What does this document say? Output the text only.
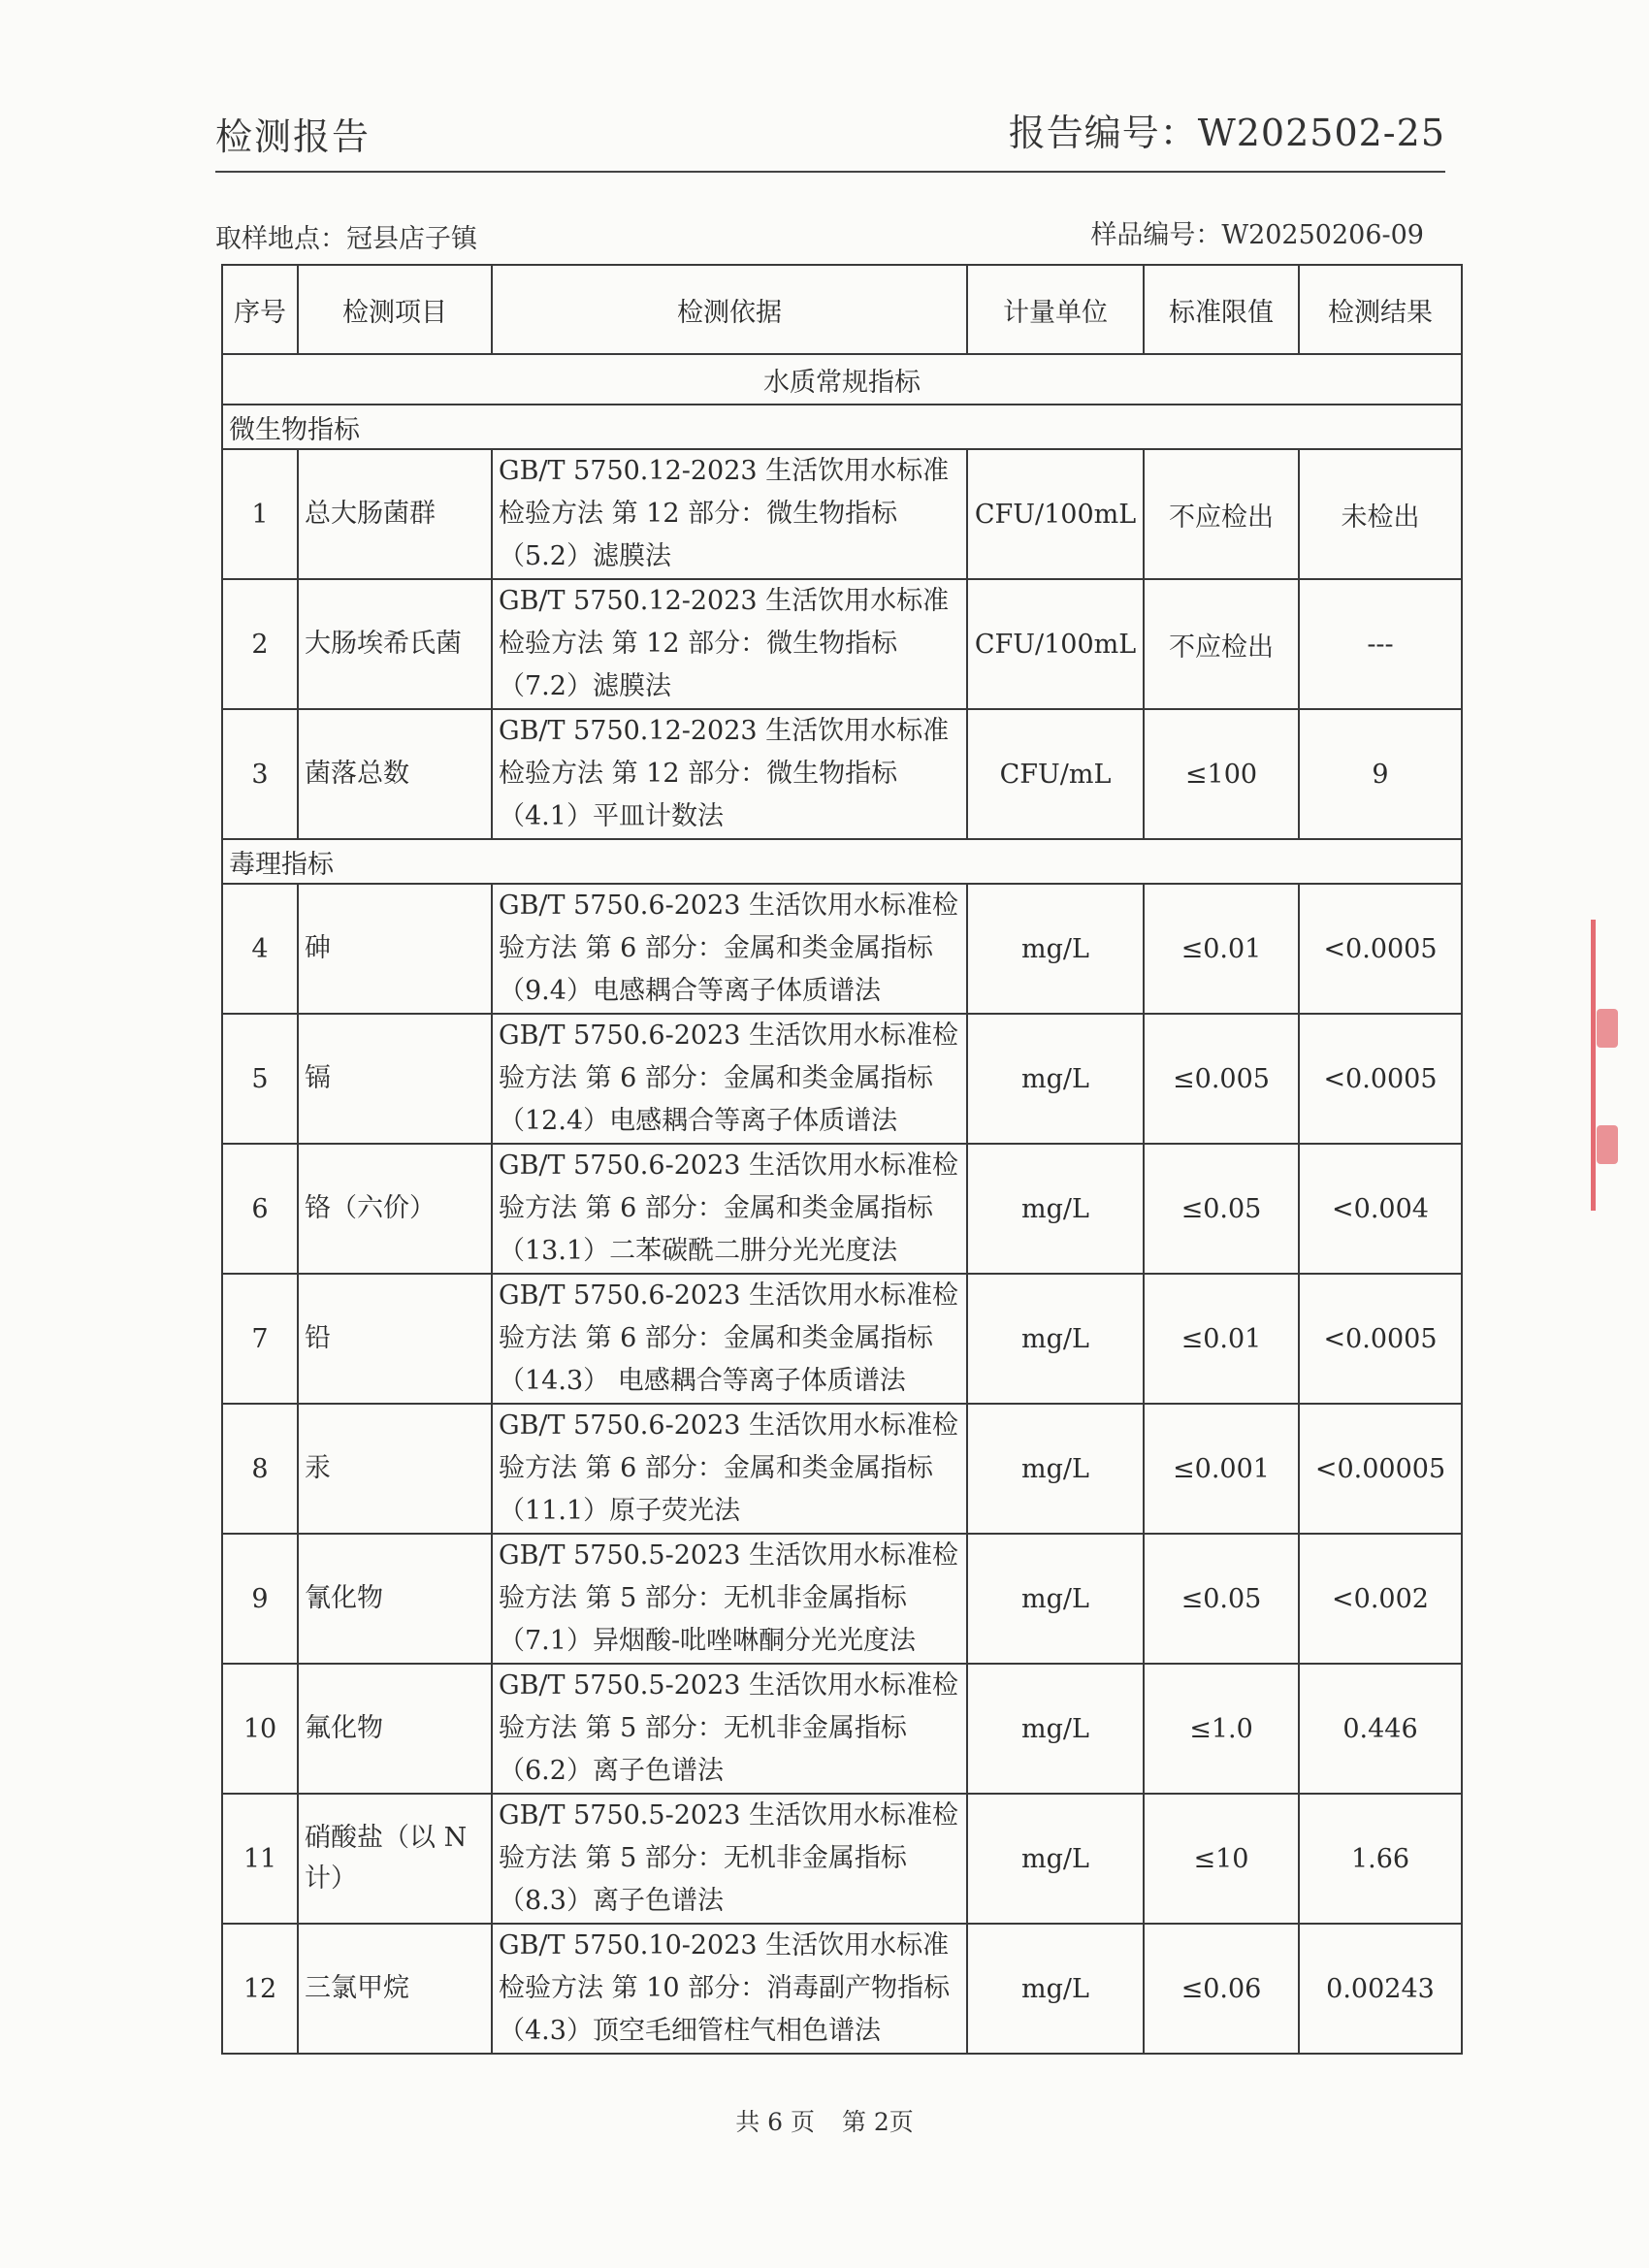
检测报告	报告编号：W202502-25
取样地点：冠县店子镇	样品编号：W20250206-09
序号	检测项目	检测依据	计量单位	标准限值	检测结果
水质常规指标					
微生物指标					
1	总大肠菌群	GB/T 5750.12-2023 生活饮用水标准检验方法 第 12 部分：微生物指标（5.2）滤膜法	CFU/100mL	不应检出	未检出
2	大肠埃希氏菌	GB/T 5750.12-2023 生活饮用水标准检验方法 第 12 部分：微生物指标（7.2）滤膜法	CFU/100mL	不应检出	---
3	菌落总数	GB/T 5750.12-2023 生活饮用水标准检验方法 第 12 部分：微生物指标（4.1）平皿计数法	CFU/mL	≤100	9
毒理指标					
4	砷	GB/T 5750.6-2023 生活饮用水标准检验方法 第 6 部分：金属和类金属指标（9.4）电感耦合等离子体质谱法	mg/L	≤0.01	<0.0005
5	镉	GB/T 5750.6-2023 生活饮用水标准检验方法 第 6 部分：金属和类金属指标（12.4）电感耦合等离子体质谱法	mg/L	≤0.005	<0.0005
6	铬（六价）	GB/T 5750.6-2023 生活饮用水标准检验方法 第 6 部分：金属和类金属指标（13.1）二苯碳酰二肼分光光度法	mg/L	≤0.05	<0.004
7	铅	GB/T 5750.6-2023 生活饮用水标准检验方法 第 6 部分：金属和类金属指标（14.3） 电感耦合等离子体质谱法	mg/L	≤0.01	<0.0005
8	汞	GB/T 5750.6-2023 生活饮用水标准检验方法 第 6 部分：金属和类金属指标（11.1）原子荧光法	mg/L	≤0.001	<0.00005
9	氰化物	GB/T 5750.5-2023 生活饮用水标准检验方法 第 5 部分：无机非金属指标（7.1）异烟酸-吡唑啉酮分光光度法	mg/L	≤0.05	<0.002
10	氟化物	GB/T 5750.5-2023 生活饮用水标准检验方法 第 5 部分：无机非金属指标（6.2）离子色谱法	mg/L	≤1.0	0.446
11	硝酸盐（以 N 计）	GB/T 5750.5-2023 生活饮用水标准检验方法 第 5 部分：无机非金属指标（8.3）离子色谱法	mg/L	≤10	1.66
12	三氯甲烷	GB/T 5750.10-2023 生活饮用水标准检验方法 第 10 部分：消毒副产物指标（4.3）顶空毛细管柱气相色谱法	mg/L	≤0.06	0.00243
共 6 页 第 2页
